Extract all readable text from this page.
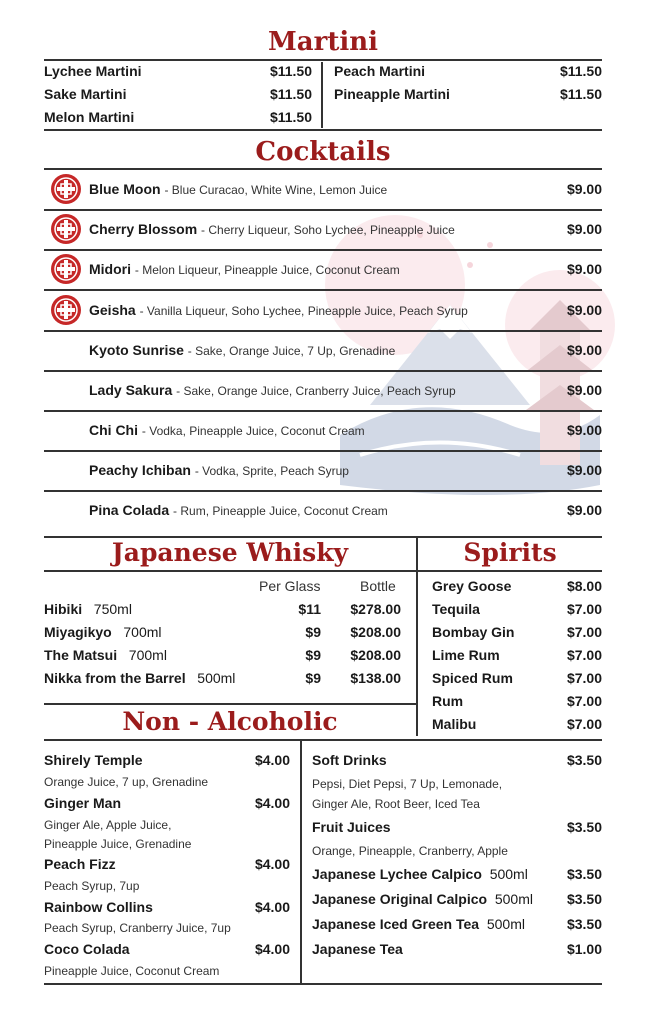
Martini
Lychee Martini	$11.50
Sake Martini	$11.50
Melon Martini	$11.50
Peach Martini	$11.50
Pineapple Martini	$11.50
Cocktails
Blue Moon - Blue Curacao, White Wine, Lemon Juice	$9.00
Cherry Blossom - Cherry Liqueur, Soho Lychee, Pineapple Juice	$9.00
Midori - Melon Liqueur, Pineapple Juice, Coconut Cream	$9.00
Geisha - Vanilla Liqueur, Soho Lychee, Pineapple Juice, Peach Syrup	$9.00
Kyoto Sunrise - Sake, Orange Juice, 7 Up, Grenadine	$9.00
Lady Sakura - Sake, Orange Juice, Cranberry Juice, Peach Syrup	$9.00
Chi Chi - Vodka, Pineapple Juice, Coconut Cream	$9.00
Peachy Ichiban - Vodka, Sprite, Peach Syrup	$9.00
Pina Colada - Rum, Pineapple Juice, Coconut Cream	$9.00
Japanese Whisky	Spirits
Per Glass	Bottle
Hibiki 750ml	$11	$278.00
Miyagikyo 700ml	$9	$208.00
The Matsui 700ml	$9	$208.00
Nikka from the Barrel 500ml	$9	$138.00
Grey Goose	$8.00
Tequila	$7.00
Bombay Gin	$7.00
Lime Rum	$7.00
Spiced Rum	$7.00
Rum	$7.00
Malibu	$7.00
Non - Alcoholic
Shirely Temple	$4.00
Orange Juice, 7 up, Grenadine
Ginger Man	$4.00
Ginger Ale, Apple Juice,
Pineapple Juice, Grenadine
Peach Fizz	$4.00
Peach Syrup, 7up
Rainbow Collins	$4.00
Peach Syrup, Cranberry Juice, 7up
Coco Colada	$4.00
Pineapple Juice, Coconut Cream
Soft Drinks	$3.50
Pepsi, Diet Pepsi, 7 Up, Lemonade,
Ginger Ale, Root Beer, Iced Tea
Fruit Juices	$3.50
Orange, Pineapple, Cranberry, Apple
Japanese Lychee Calpico 500ml	$3.50
Japanese Original Calpico 500ml	$3.50
Japanese Iced Green Tea 500ml	$3.50
Japanese Tea	$1.00
